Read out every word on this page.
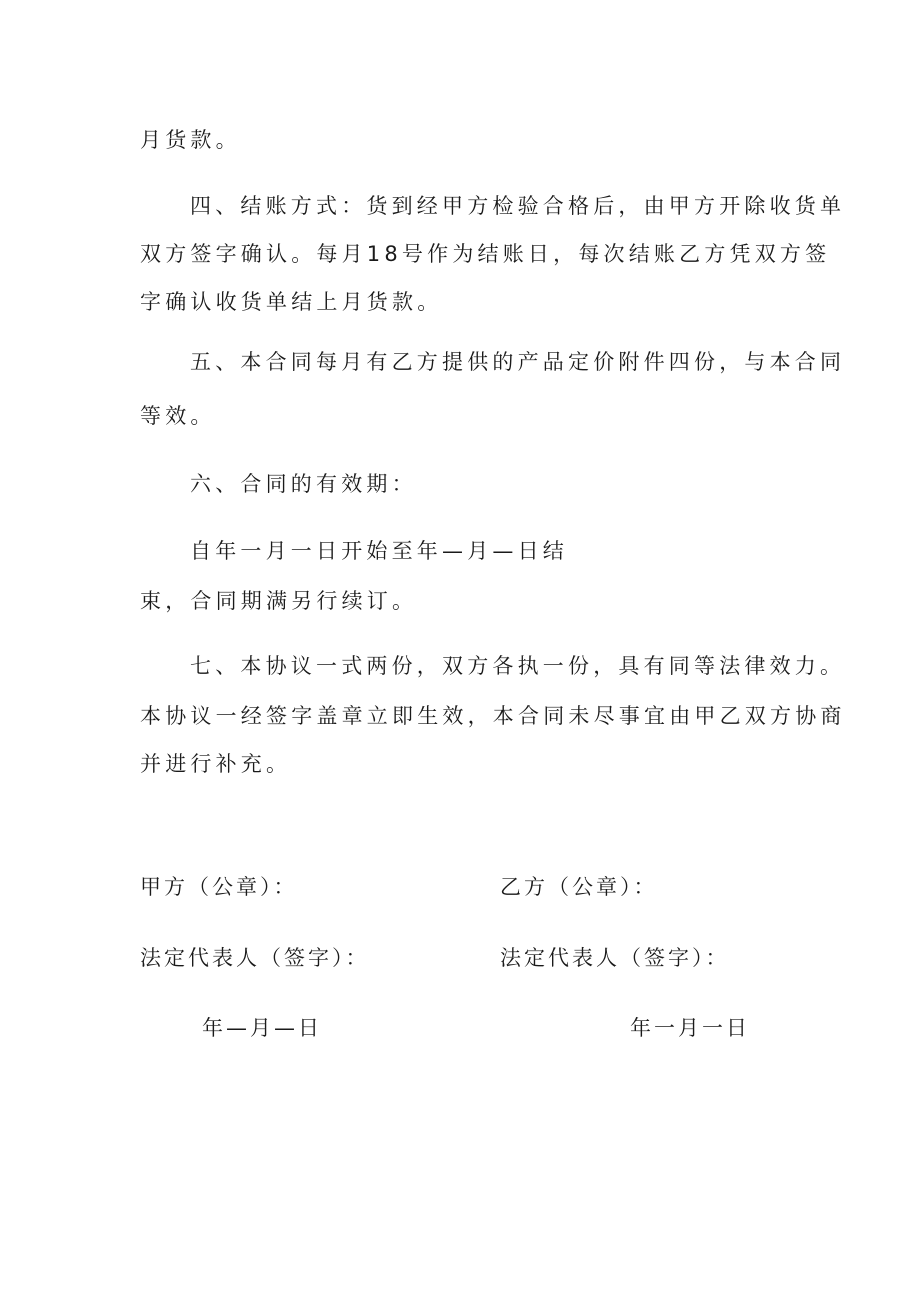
月货款。
四、结账方式：货到经甲方检验合格后，由甲方开除收货单
双方签字确认。每月18号作为结账日，每次结账乙方凭双方签
字确认收货单结上月货款。
五、本合同每月有乙方提供的产品定价附件四份，与本合同
等效。
六、合同的有效期：
自年一月一日开始至年—月—日结
束，合同期满另行续订。
七、本协议一式两份，双方各执一份，具有同等法律效力。
本协议一经签字盖章立即生效，本合同未尽事宜由甲乙双方协商
并进行补充。
甲方（公章）：	乙方（公章）：
法定代表人（签字）：	法定代表人（签字）：
年—月—日	年一月一日
